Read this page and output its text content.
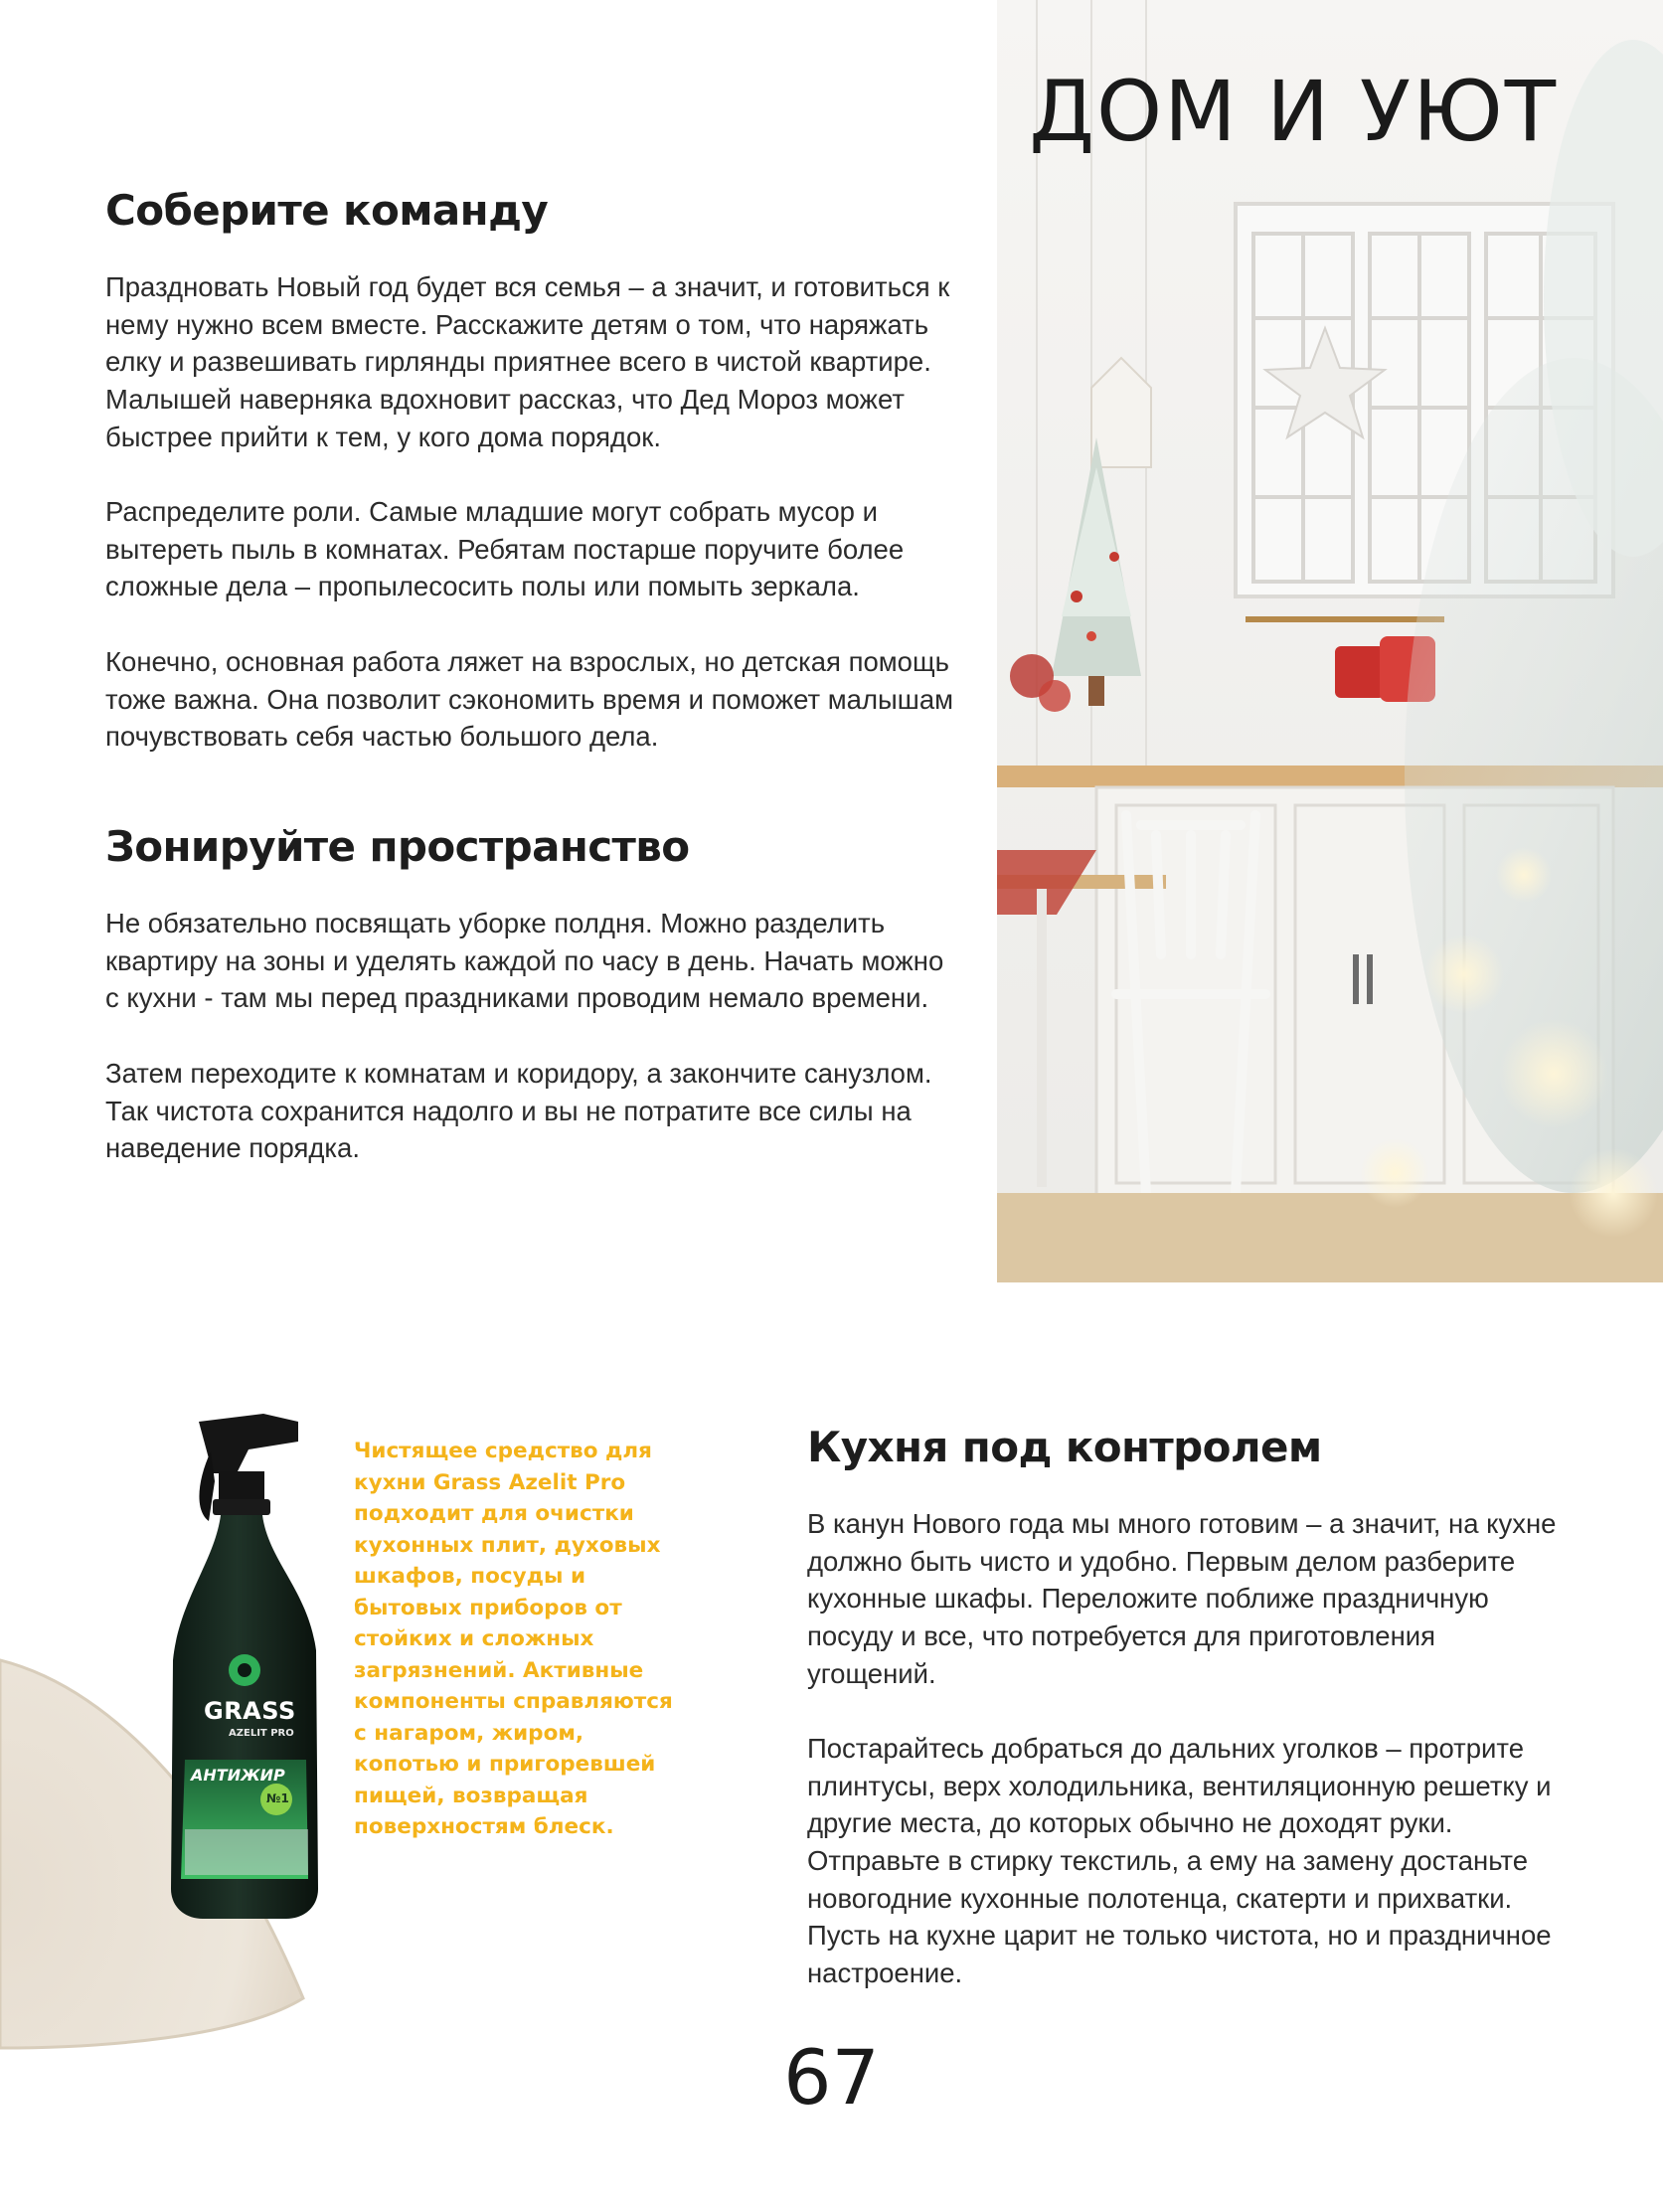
ДОМ И УЮТ
Соберите команду

Праздновать Новый год будет вся семья – а значит, и готовиться к нему нужно всем вместе. Расскажите детям о том, что наряжать елку и развешивать гирлянды приятнее всего в чистой квартире. Малышей наверняка вдохновит рассказ, что Дед Мороз может быстрее прийти к тем, у кого дома порядок.

Распределите роли. Самые младшие могут собрать мусор и вытереть пыль в комнатах. Ребятам постарше поручите более сложные дела – пропылесосить полы или помыть зеркала.

Конечно, основная работа ляжет на взрослых, но детская помощь тоже важна. Она позволит сэкономить время и поможет малышам почувствовать себя частью большого дела.

Зонируйте пространство

Не обязательно посвящать уборке полдня. Можно разделить квартиру на зоны и уделять каждой по часу в день. Начать можно с кухни - там мы перед праздниками проводим немало времени.

Затем переходите к комнатам и коридору, а закончите санузлом. Так чистота сохранится надолго и вы не потратите все силы на наведение порядка.

GRASS
AZELIT PRO
АНТИЖИР
№1

Чистящее средство для кухни Grass Azelit Pro подходит для очистки кухонных плит, духовых шкафов, посуды и бытовых приборов от стойких и сложных загрязнений. Активные компоненты справляются с нагаром, жиром, копотью и пригоревшей пищей, возвращая поверхностям блеск.

Кухня под контролем

В канун Нового года мы много готовим – а значит, на кухне должно быть чисто и удобно. Первым делом разберите кухонные шкафы. Переложите поближе праздничную посуду и все, что потребуется для приготовления угощений.

Постарайтесь добраться до дальних уголков – протрите плинтусы, верх холодильника, вентиляционную решетку и другие места, до которых обычно не доходят руки. Отправьте в стирку текстиль, а ему на замену достаньте новогодние кухонные полотенца, скатерти и прихватки. Пусть на кухне царит не только чистота, но и праздничное настроение.

67
